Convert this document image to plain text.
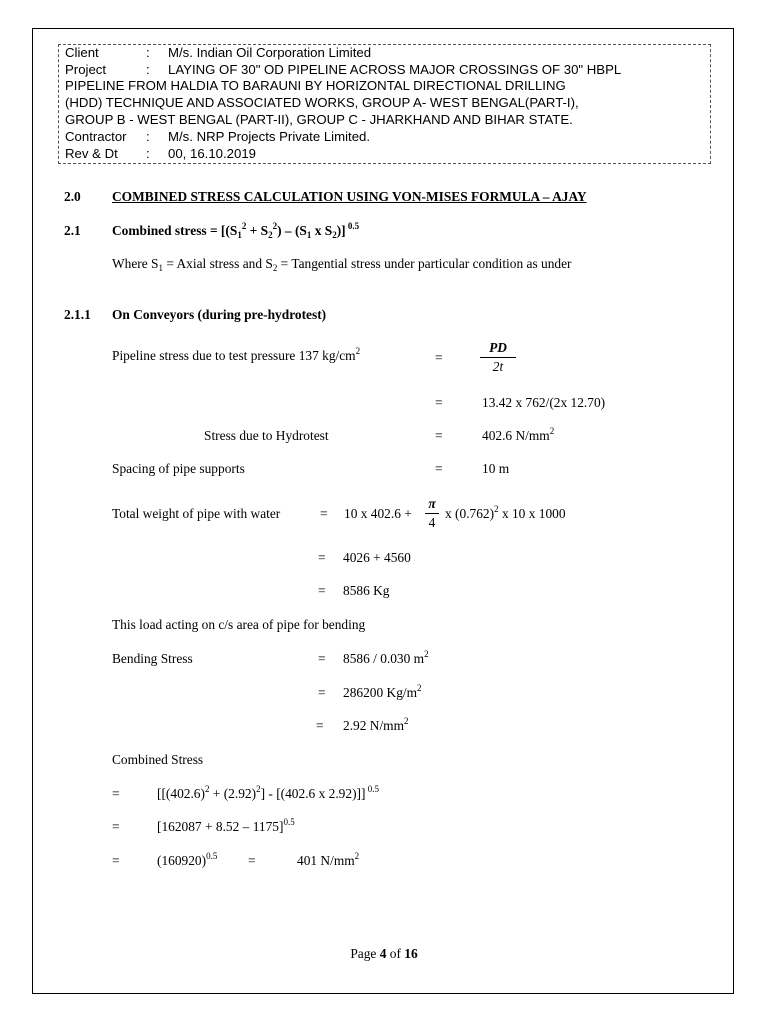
Client	: M/s. Indian Oil Corporation Limited
Project	: LAYING OF 30" OD PIPELINE ACROSS MAJOR CROSSINGS OF 30" HBPL
PIPELINE FROM HALDIA TO BARAUNI BY HORIZONTAL DIRECTIONAL DRILLING
(HDD) TECHNIQUE AND ASSOCIATED WORKS, GROUP A- WEST BENGAL(PART-I),
GROUP B - WEST BENGAL (PART-II), GROUP C - JHARKHAND AND BIHAR STATE.
Contractor : M/s. NRP Projects Private Limited.
Rev & Dt : 00, 16.10.2019
2.0 COMBINED STRESS CALCULATION USING VON-MISES FORMULA – AJAY
2.1 Combined stress = [$(S_1^2 + S_2^2) - (S_1$ x $S_2$)] $^{0.5}$
Where $S_1$ = Axial stress and $S_2$ = Tangential stress under particular condition as under
2.1.1 On Conveyors (during pre-hydrotest)
Pipeline stress due to test pressure 137 $kg/cm^2$	=
PD
2t
=	13.42 x 762/(2x 12.70)
Stress due to Hydrotest	=	402.6 $N/mm^2$
Spacing of pipe supports	=	10 m
Total weight of pipe with water	= 10 x 402.6 +
π
4
x $(0.762)^2$ x 10 x 1000
= 4026 + 4560
= 8586 Kg
This load acting on c/s area of pipe for bending
Bending Stress	= 8586 / 0.030 $m^2$
= 286200 $Kg/m^2$
= 2.92 $N/mm^2$
Combined Stress
=	[$[(402.6)^2 + (2.92)^2] - [(402.6$ x 2.92)]] $^{0.5}$
=	$[162087 + 8.52 - 1175]^{0.5}$
=	$(160920)^{0.5}$ =	401 $N/mm^2$
Page 4 of 16
